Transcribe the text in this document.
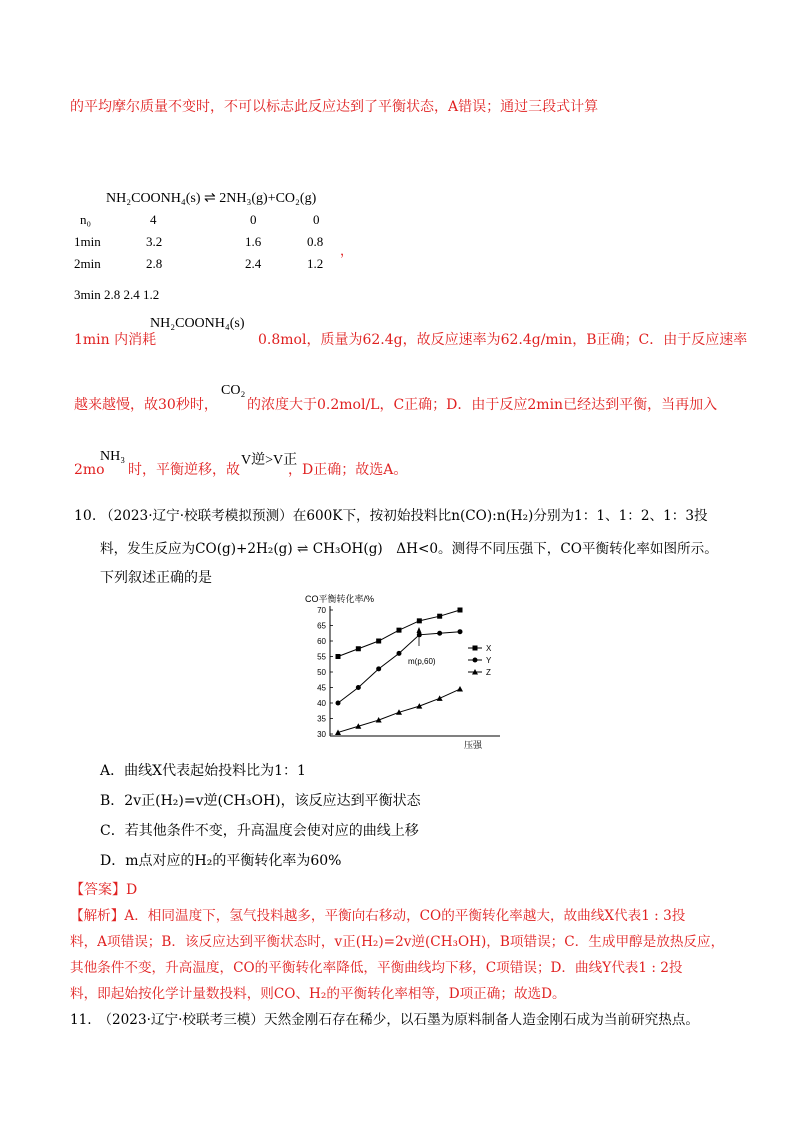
的平均摩尔质量不变时，不可以标志此反应达到了平衡状态，A错误；通过三段式计算
NH₂COONH₄(s) ⇌ 2NH₃(g)+CO₂(g)
n₀	4	0	0
1min	3.2	1.6	0.8
2min	2.8	2.4	1.2
，
3min 2.8 2.4 1.2
1min 内消耗
NH₂COONH₄(s)
0.8mol，质量为62.4g，故反应速率为62.4g/min，B正确；C．由于反应速率
越来越慢，故30秒时，
CO₂
的浓度大于0.2mol/L，C正确；D．由于反应2min已经达到平衡，当再加入
2mo
NH₃
时，平衡逆移，故
V逆>V正
，D正确；故选A。
10. （2023·辽宁·校联考模拟预测）在600K下，按初始投料比n(CO):n(H₂)分别为1：1、1：2、1：3投
料，发生反应为CO(g)+2H₂(g) ⇌ CH₃OH(g)　ΔH<0。测得不同压强下，CO平衡转化率如图所示。
下列叙述正确的是
CO平衡转化率/%
70
65
60
55
50
45
40
35
30
X
Y
Z
m(p,60)
压强
A．曲线X代表起始投料比为1：1
B．2v正(H₂)=v逆(CH₃OH)，该反应达到平衡状态
C．若其他条件不变，升高温度会使对应的曲线上移
D．m点对应的H₂的平衡转化率为60%
【答案】D
【解析】A．相同温度下，氢气投料越多，平衡向右移动，CO的平衡转化率越大，故曲线X代表1 : 3投
料，A项错误；B．该反应达到平衡状态时，v正(H₂)=2v逆(CH₃OH)，B项错误；C．生成甲醇是放热反应，
其他条件不变，升高温度，CO的平衡转化率降低，平衡曲线均下移，C项错误；D．曲线Y代表1 : 2投
料，即起始按化学计量数投料，则CO、H₂的平衡转化率相等，D项正确；故选D。
11.　（2023·辽宁·校联考三模）天然金刚石存在稀少，以石墨为原料制备人造金刚石成为当前研究热点。
